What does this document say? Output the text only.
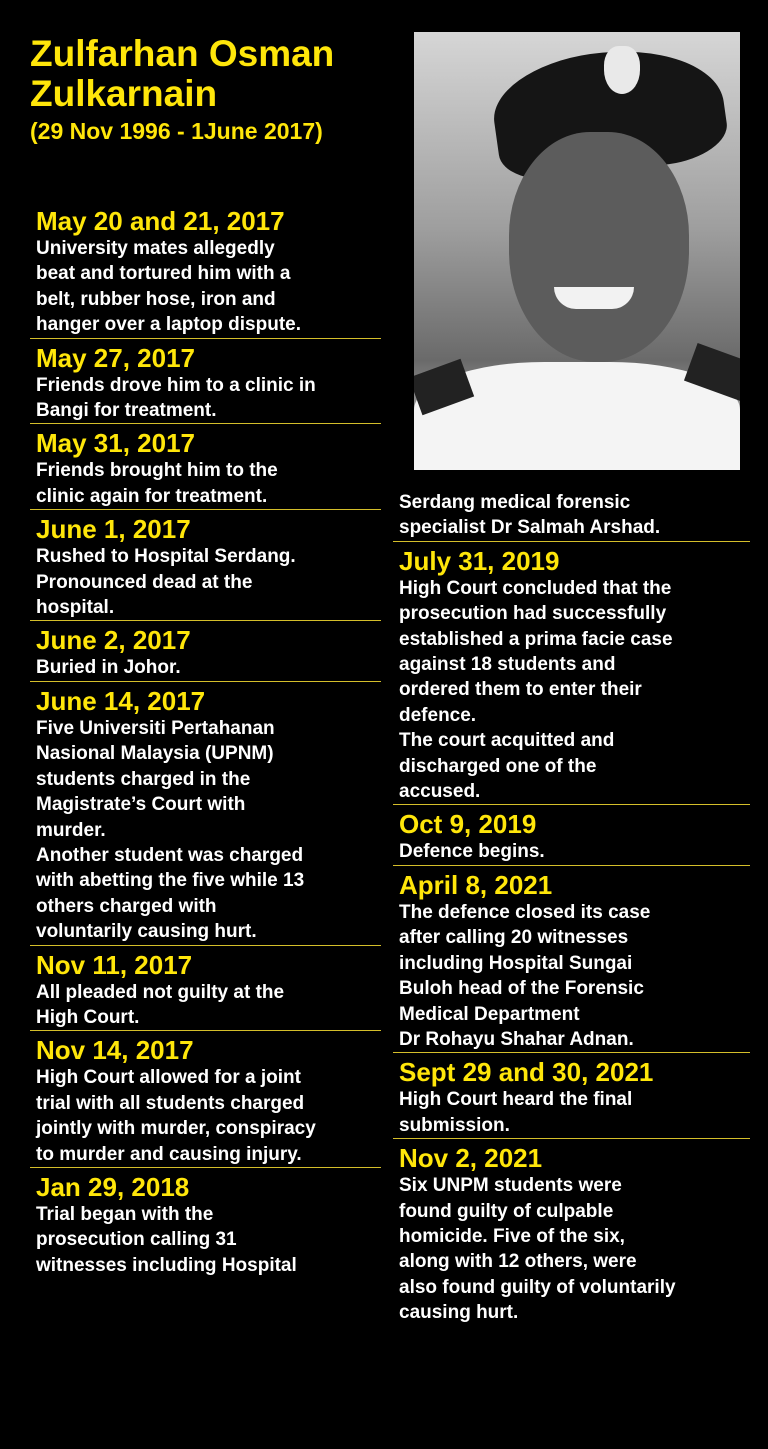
Zulfarhan Osman Zulkarnain
(29 Nov 1996 - 1June 2017)

May 20 and 21, 2017

University mates allegedly
beat and tortured him with a
belt, rubber hose, iron and
hanger over a laptop dispute.

May 27, 2017

Friends drove him to a clinic in
Bangi for treatment.

May 31, 2017

Friends brought him to the
clinic again for treatment.

June 1, 2017

Rushed to Hospital Serdang.
Pronounced dead at the
hospital.

June 2, 2017

Buried in Johor.

June 14, 2017

Five Universiti Pertahanan
Nasional Malaysia (UPNM)
students charged in the
Magistrate’s Court with
murder.
Another student was charged
with abetting the five while 13
others charged with
voluntarily causing hurt.

Nov 11, 2017

All pleaded not guilty at the
High Court.

Nov 14, 2017

High Court allowed for a joint
trial with all students charged
jointly with murder, conspiracy
to murder and causing injury.

Jan 29, 2018

Trial began with the
prosecution calling 31
witnesses including Hospital

Serdang medical forensic
specialist Dr Salmah Arshad.

July 31, 2019

High Court concluded that the
prosecution had successfully
established a prima facie case
against 18 students and
ordered them to enter their
defence.
The court acquitted and
discharged one of the
accused.

Oct 9, 2019

Defence begins.

April 8, 2021

The defence closed its case
after calling 20 witnesses
including Hospital Sungai
Buloh head of the Forensic
Medical Department
Dr Rohayu Shahar Adnan.

Sept 29 and 30, 2021

High Court heard the final
submission.

Nov 2, 2021

Six UNPM students were
found guilty of culpable
homicide. Five of the six,
along with 12 others, were
also found guilty of voluntarily
causing hurt.
